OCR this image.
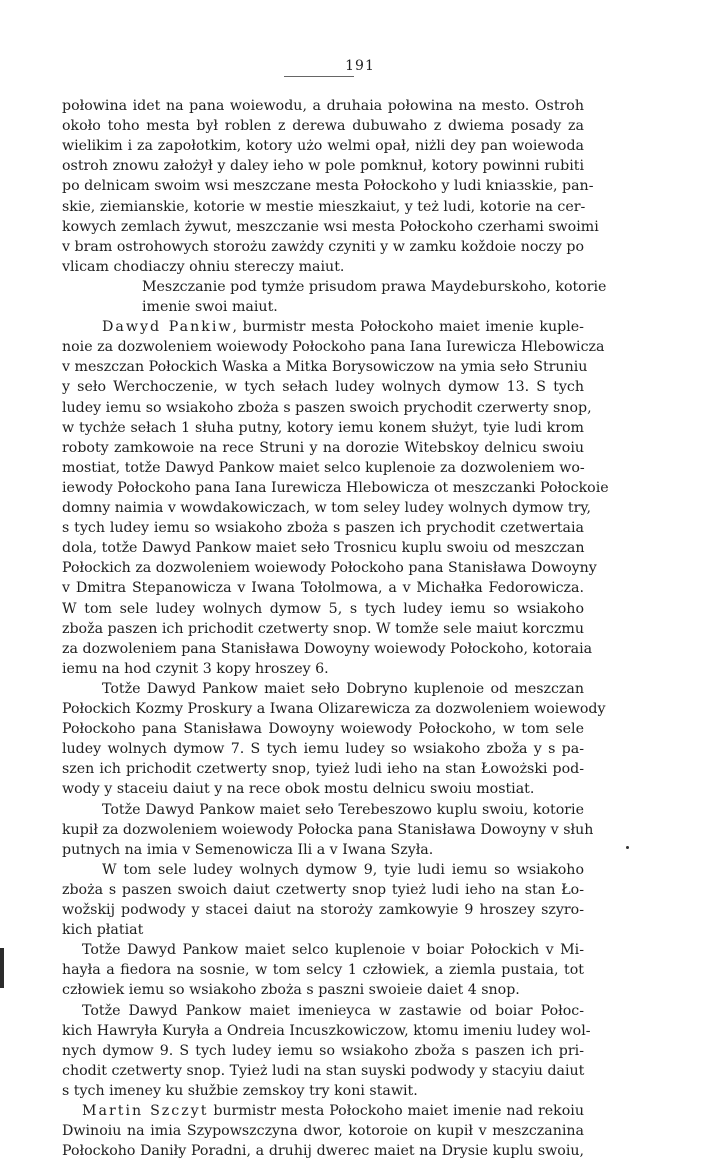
191
połowina idet na pana woiewodu, a druhaia połowina na mesto. Ostroh
około toho mesta był roblen z derewa dubuwaho z dwiema posady za
wielikim i za zapołotkim, kotory użo welmi opał, niżli dey pan woiewoda
ostroh znowu założył y daley ieho w pole pomknuł, kotory powinni rubiti
po delnicam swoim wsi meszczane mesta Połockoho y ludi kniaзskie, pan-
skie, ziemianskie, kotorie w mestie mieszkaiut, y też ludi, kotorie na cer-
kowych zemlach żywut, meszczanie wsi mesta Połockoho czerhami swoimi
v bram ostrohowych storożu zawżdy czyniti y w zamku koždoie noczy po
vlicam chodiaczy ohniu stereczy maiut.
Meszczanie pod tymże prisudom prawa Maydeburskoho, kotorie
imenie swoi maiut.
Dawyd Pankiw, burmistr mesta Połockoho maiet imenie kuple-
noie za dozwoleniem woiewody Połockoho pana Iana Iurewicza Hlebowicza
v meszczan Połockich Waska a Mitka Borysowiczow na ymia seło Struniu
y seło Werchoczenie, w tych sełach ludey wolnych dymow 13. S tych
ludey iemu so wsiakoho zboża s paszen swoich prychodit czerwerty snop,
w tychże sełach 1 słuha putny, kotory iemu konem służyt, tyie ludi krom
roboty zamkowoie na rece Struni y na dorozie Witebskoy delnicu swoiu
mostiat, totže Dawyd Pankow maiet selco kuplenoie za dozwoleniem wo-
iewody Połockoho pana Iana Iurewicza Hlebowicza ot meszczanki Połockoie
domny naimia v wowdakowiczach, w tom seley ludey wolnych dymow try,
s tych ludey iemu so wsiakoho zboża s paszen ich prychodit czetwertaia
dola, totže Dawyd Pankow maiet seło Trosnicu kuplu swoiu od meszczan
Połockich za dozwoleniem woiewody Połockoho pana Stanisława Dowoyny
v Dmitra Stepanowicza v Iwana Tołolmowa, a v Michałka Fedorowicza.
W tom sele ludey wolnych dymow 5, s tych ludey iemu so wsiakoho
zboža paszen ich prichodit czetwerty snop. W tomže sele maiut korczmu
za dozwoleniem pana Stanisława Dowoyny woiewody Połockoho, kotoraia
iemu na hod czynit 3 kopy hroszey 6.
Totže Dawyd Pankow maiet seło Dobryno kuplenoie od meszczan
Połockich Kozmy Proskury a Iwana Olizarewicza za dozwoleniem woiewody
Połockoho pana Stanisława Dowoyny woiewody Połockoho, w tom sele
ludey wolnych dymow 7. S tych iemu ludey so wsiakoho zboža y s pa-
szen ich prichodit czetwerty snop, tyież ludi ieho na stan Łowożski pod-
wody y staceiu daiut y na rece obok mostu delnicu swoiu mostiat.
Totže Dawyd Pankow maiet seło Terebeszowo kuplu swoiu, kotorie
kupił za dozwoleniem woiewody Połocka pana Stanisława Dowoyny v słuh
putnych na imia v Semenowicza Ili a v Iwana Szyła.
W tom sele ludey wolnych dymow 9, tyie ludi iemu so wsiakoho
zboża s paszen swoich daiut czetwerty snop tyież ludi ieho na stan Ło-
wožskij podwody y stacei daiut na storoży zamkowyie 9 hroszey szyro-
kich płatiat
Totže Dawyd Pankow maiet selco kuplenoie v boiar Połockich v Mi-
hayła a fiedora na sosnie, w tom selcy 1 człowiek, a ziemla pustaia, tot
człowiek iemu so wsiakoho zboża s paszni swoieie daiet 4 snop.
Totže Dawyd Pankow maiet imenieyca w zastawie od boiar Połoc-
kich Hawryła Kuryła a Ondreia Incuszkowiczow, ktomu imeniu ludey wol-
nych dymow 9. S tych ludey iemu so wsiakoho zboža s paszen ich pri-
chodit czetwerty snop. Tyież ludi na stan suyski podwody y stacyiu daiut
s tych imeney ku słužbie zemskoy try koni stawit.
Martin Szczyt burmistr mesta Połockoho maiet imenie nad rekoiu
Dwinoiu na imia Szypowszczyna dwor, kotoroie on kupił v meszczanina
Połockoho Daniły Poradni, a druhij dwerec maiet na Drysie kuplu swoiu,
